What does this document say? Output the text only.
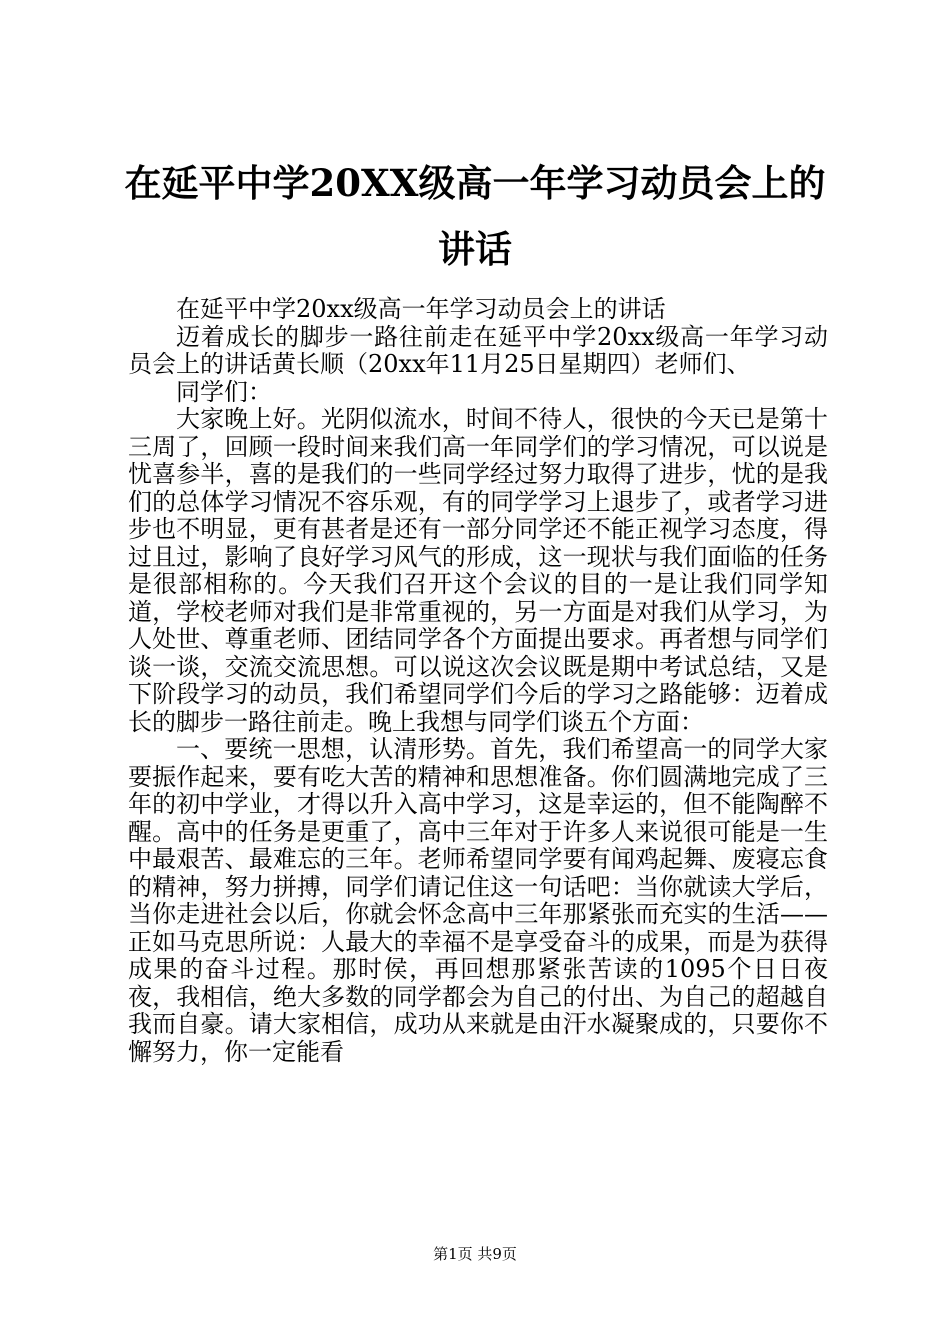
在延平中学20XX级高一年学习动员会上的讲话

在延平中学20xx级高一年学习动员会上的讲话

迈着成长的脚步一路往前走在延平中学20xx级高一年学习动员会上的讲话黄长顺（20xx年11月25日星期四）老师们、

同学们：

大家晚上好。光阴似流水，时间不待人，很快的今天已是第十三周了，回顾一段时间来我们高一年同学们的学习情况，可以说是忧喜参半，喜的是我们的一些同学经过努力取得了进步，忧的是我们的总体学习情况不容乐观，有的同学学习上退步了，或者学习进步也不明显，更有甚者是还有一部分同学还不能正视学习态度，得过且过，影响了良好学习风气的形成，这一现状与我们面临的任务是很部相称的。今天我们召开这个会议的目的一是让我们同学知道，学校老师对我们是非常重视的，另一方面是对我们从学习，为人处世、尊重老师、团结同学各个方面提出要求。再者想与同学们谈一谈，交流交流思想。可以说这次会议既是期中考试总结，又是下阶段学习的动员，我们希望同学们今后的学习之路能够：迈着成长的脚步一路往前走。晚上我想与同学们谈五个方面：

一、要统一思想，认清形势。首先，我们希望高一的同学大家要振作起来，要有吃大苦的精神和思想准备。你们圆满地完成了三年的初中学业，才得以升入高中学习，这是幸运的，但不能陶醉不醒。高中的任务是更重了，高中三年对于许多人来说很可能是一生中最艰苦、最难忘的三年。老师希望同学要有闻鸡起舞、废寝忘食的精神，努力拼搏，同学们请记住这一句话吧：当你就读大学后，当你走进社会以后，你就会怀念高中三年那紧张而充实的生活——正如马克思所说：人最大的幸福不是享受奋斗的成果，而是为获得成果的奋斗过程。那时侯，再回想那紧张苦读的1095个日日夜夜，我相信，绝大多数的同学都会为自己的付出、为自己的超越自我而自豪。请大家相信，成功从来就是由汗水凝聚成的，只要你不懈努力，你一定能看

第1页 共9页
